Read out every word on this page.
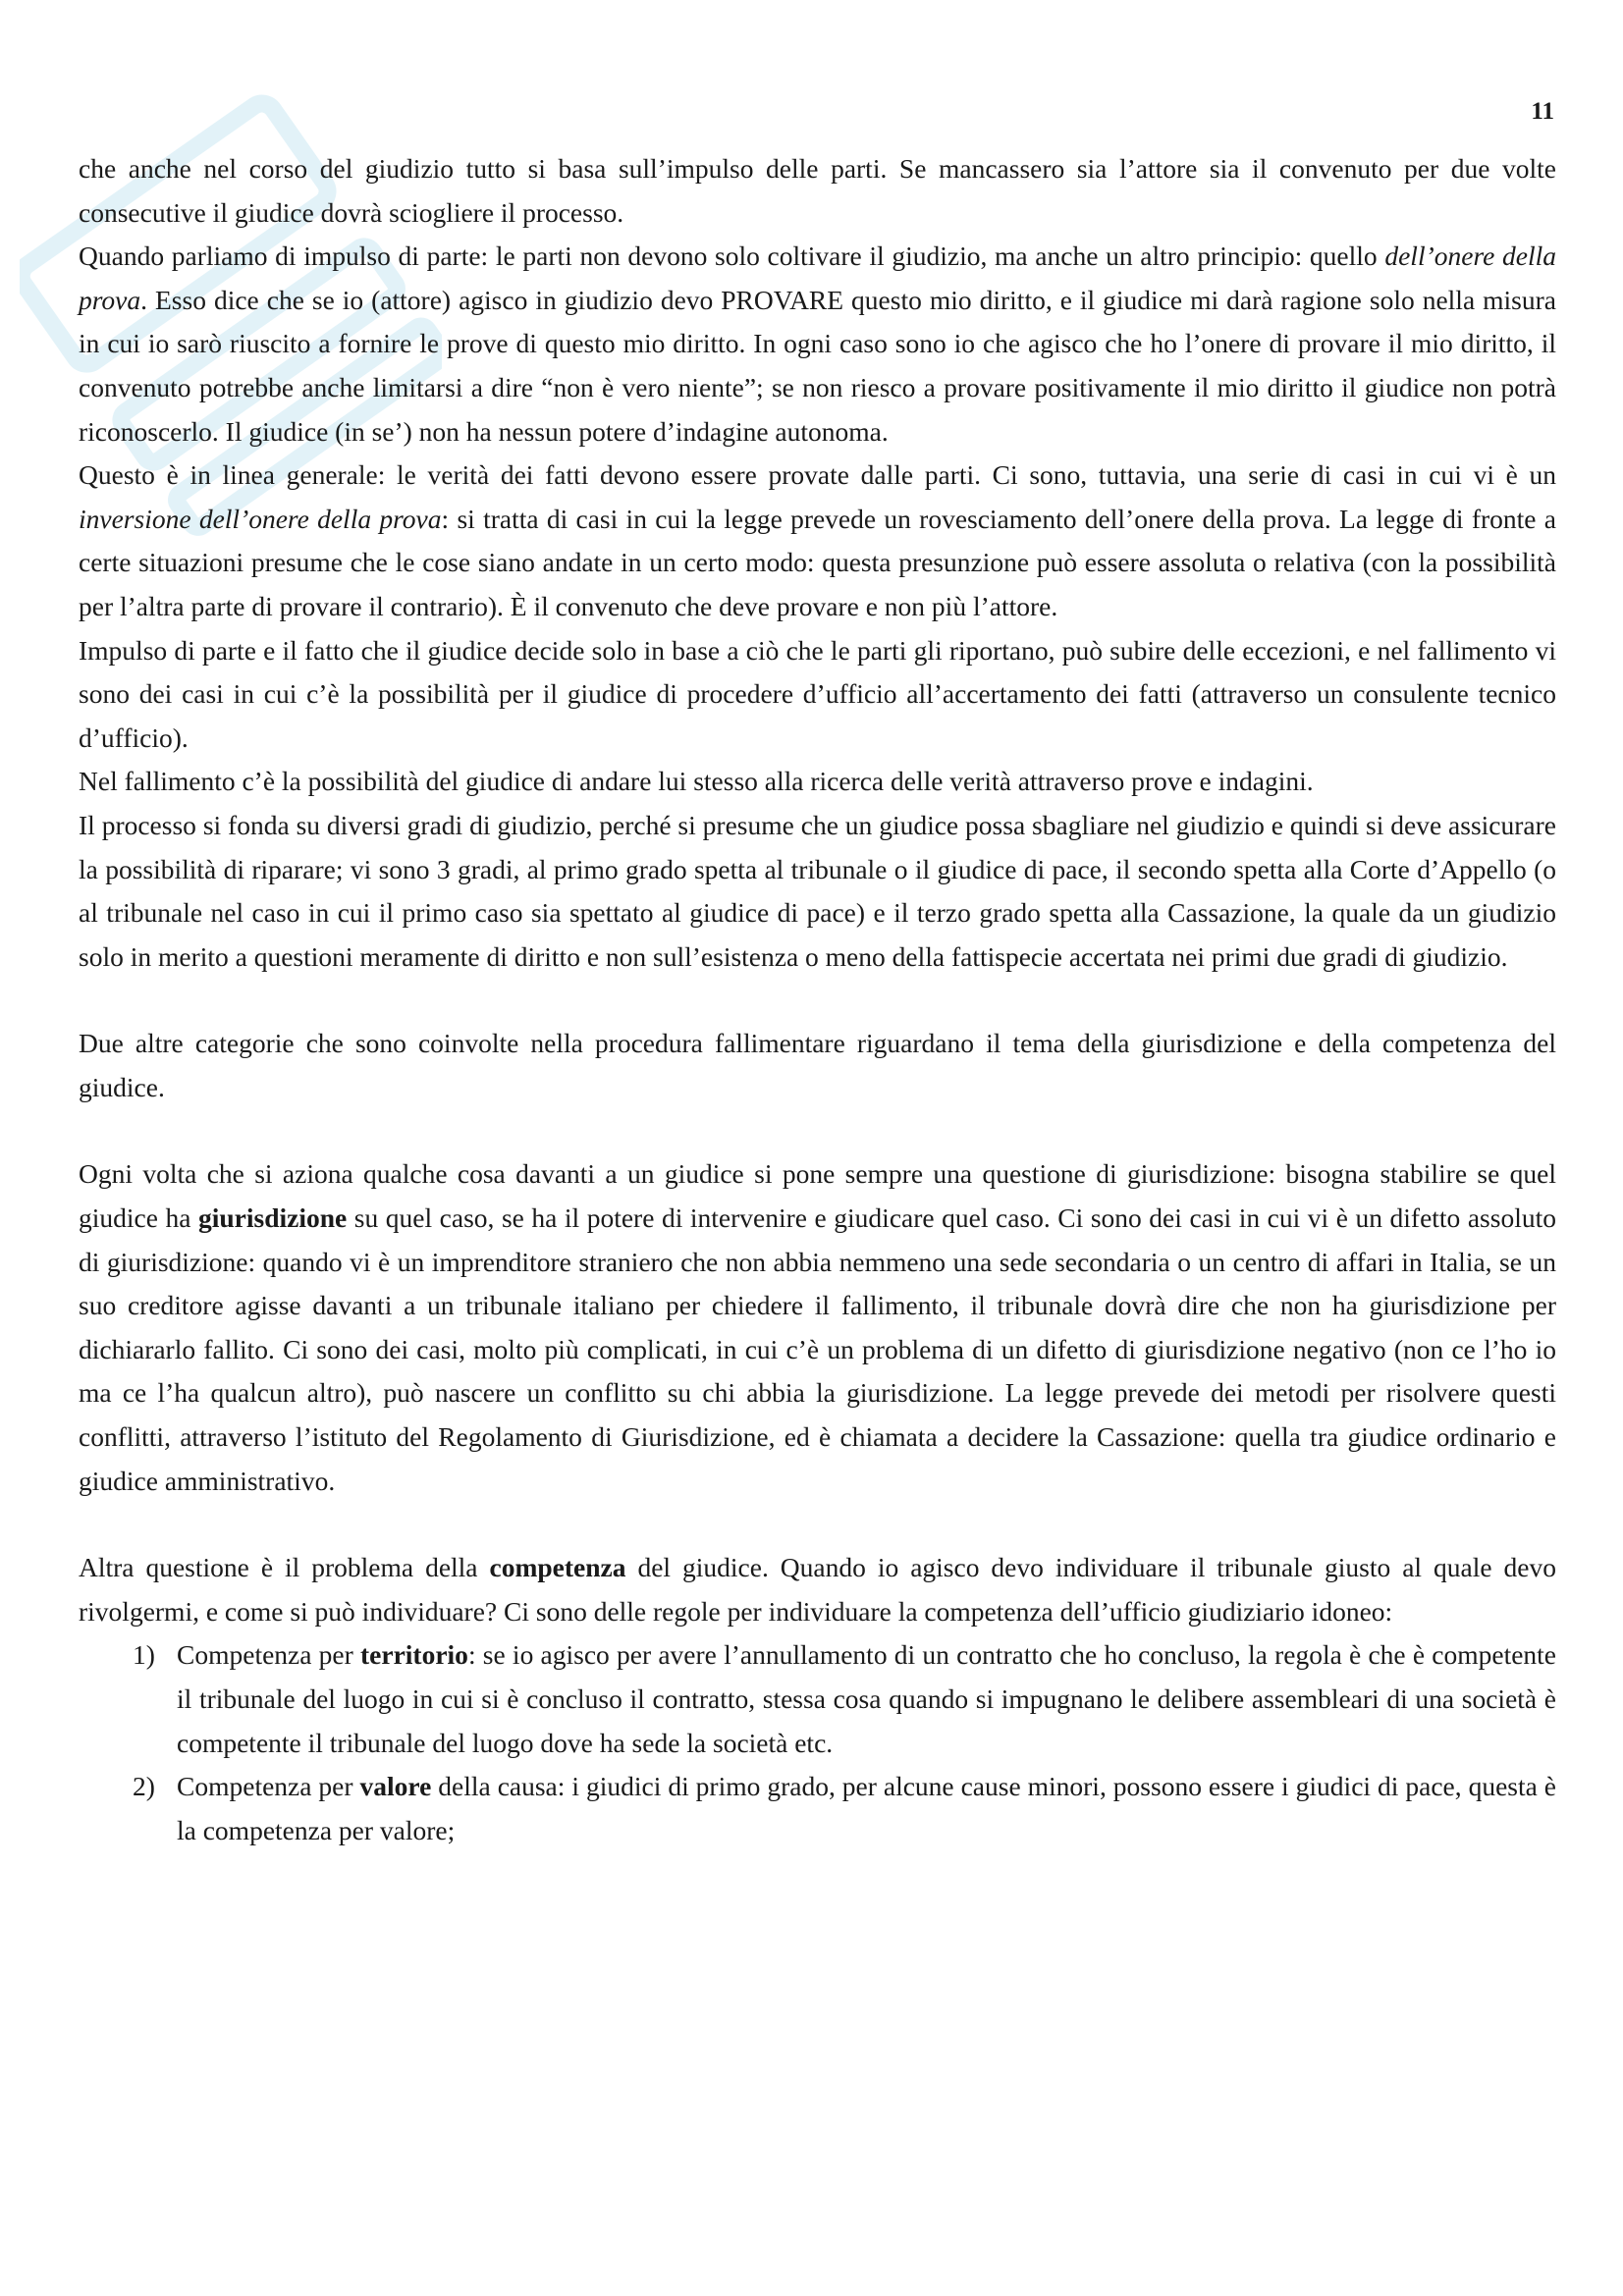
11

che anche nel corso del giudizio tutto si basa sull’impulso delle parti. Se mancassero sia l’attore sia il convenuto per due volte consecutive il giudice dovrà sciogliere il processo.

Quando parliamo di impulso di parte: le parti non devono solo coltivare il giudizio, ma anche un altro principio: quello dell’onere della prova. Esso dice che se io (attore) agisco in giudizio devo PROVARE questo mio diritto, e il giudice mi darà ragione solo nella misura in cui io sarò riuscito a fornire le prove di questo mio diritto. In ogni caso sono io che agisco che ho l’onere di provare il mio diritto, il convenuto potrebbe anche limitarsi a dire “non è vero niente”; se non riesco a provare positivamente il mio diritto il giudice non potrà riconoscerlo. Il giudice (in se’) non ha nessun potere d’indagine autonoma.

Questo è in linea generale: le verità dei fatti devono essere provate dalle parti. Ci sono, tuttavia, una serie di casi in cui vi è un inversione dell’onere della prova: si tratta di casi in cui la legge prevede un rovesciamento dell’onere della prova. La legge di fronte a certe situazioni presume che le cose siano andate in un certo modo: questa presunzione può essere assoluta o relativa (con la possibilità per l’altra parte di provare il contrario). È il convenuto che deve provare e non più l’attore.

Impulso di parte e il fatto che il giudice decide solo in base a ciò che le parti gli riportano, può subire delle eccezioni, e nel fallimento vi sono dei casi in cui c’è la possibilità per il giudice di procedere d’ufficio all’accertamento dei fatti (attraverso un consulente tecnico d’ufficio).

Nel fallimento c’è la possibilità del giudice di andare lui stesso alla ricerca delle verità attraverso prove e indagini.

Il processo si fonda su diversi gradi di giudizio, perché si presume che un giudice possa sbagliare nel giudizio e quindi si deve assicurare la possibilità di riparare; vi sono 3 gradi, al primo grado spetta al tribunale o il giudice di pace, il secondo spetta alla Corte d’Appello (o al tribunale nel caso in cui il primo caso sia spettato al giudice di pace) e il terzo grado spetta alla Cassazione, la quale da un giudizio solo in merito a questioni meramente di diritto e non sull’esistenza o meno della fattispecie accertata nei primi due gradi di giudizio.

Due altre categorie che sono coinvolte nella procedura fallimentare riguardano il tema della giurisdizione e della competenza del giudice.

Ogni volta che si aziona qualche cosa davanti a un giudice si pone sempre una questione di giurisdizione: bisogna stabilire se quel giudice ha giurisdizione su quel caso, se ha il potere di intervenire e giudicare quel caso. Ci sono dei casi in cui vi è un difetto assoluto di giurisdizione: quando vi è un imprenditore straniero che non abbia nemmeno una sede secondaria o un centro di affari in Italia, se un suo creditore agisse davanti a un tribunale italiano per chiedere il fallimento, il tribunale dovrà dire che non ha giurisdizione per dichiararlo fallito. Ci sono dei casi, molto più complicati, in cui c’è un problema di un difetto di giurisdizione negativo (non ce l’ho io ma ce l’ha qualcun altro), può nascere un conflitto su chi abbia la giurisdizione. La legge prevede dei metodi per risolvere questi conflitti, attraverso l’istituto del Regolamento di Giurisdizione, ed è chiamata a decidere la Cassazione: quella tra giudice ordinario e giudice amministrativo.

Altra questione è il problema della competenza del giudice. Quando io agisco devo individuare il tribunale giusto al quale devo rivolgermi, e come si può individuare? Ci sono delle regole per individuare la competenza dell’ufficio giudiziario idoneo:

1) Competenza per territorio: se io agisco per avere l’annullamento di un contratto che ho concluso, la regola è che è competente il tribunale del luogo in cui si è concluso il contratto, stessa cosa quando si impugnano le delibere assembleari di una società è competente il tribunale del luogo dove ha sede la società etc.
2) Competenza per valore della causa: i giudici di primo grado, per alcune cause minori, possono essere i giudici di pace, questa è la competenza per valore;
